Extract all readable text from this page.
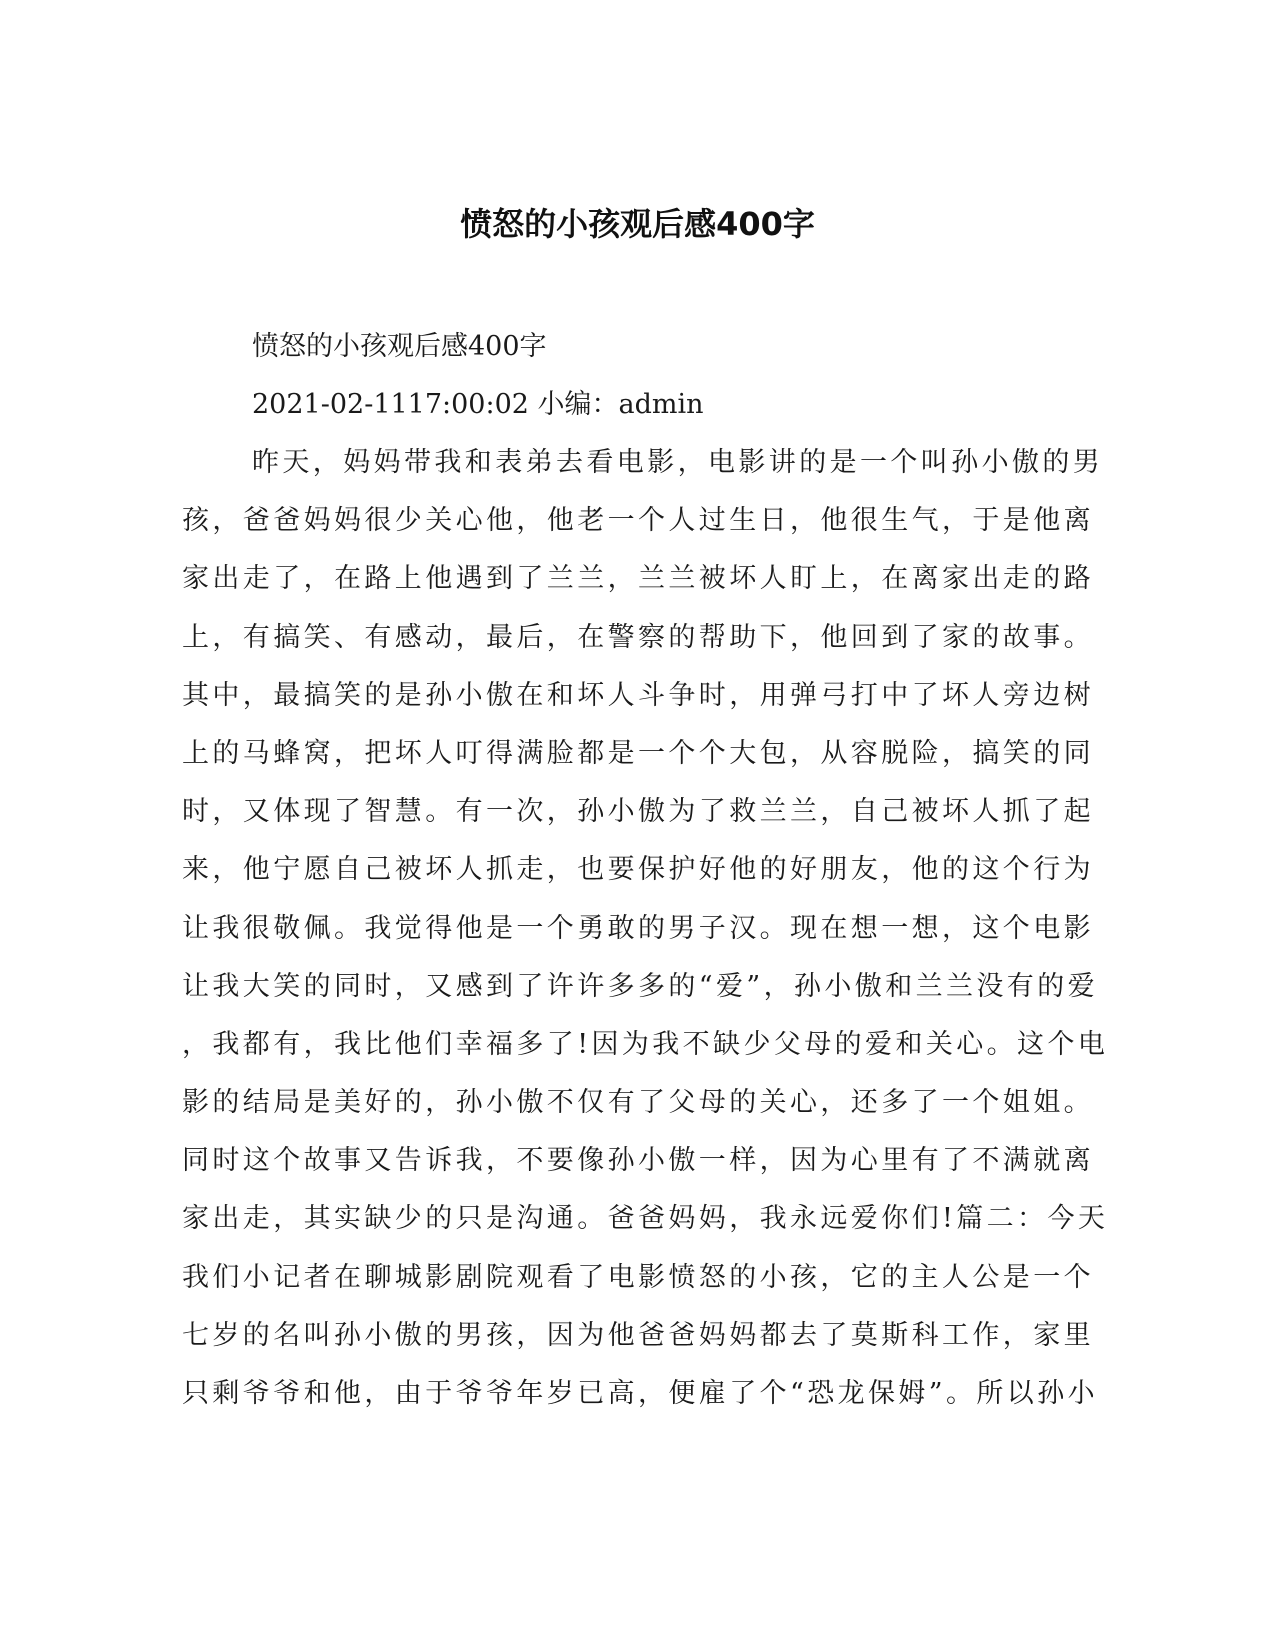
愤怒的小孩观后感400字
愤怒的小孩观后感400字
2021-02-1117:00:02 小编：admin
昨天，妈妈带我和表弟去看电影，电影讲的是一个叫孙小傲的男
孩，爸爸妈妈很少关心他，他老一个人过生日，他很生气，于是他离
家出走了，在路上他遇到了兰兰，兰兰被坏人盯上，在离家出走的路
上，有搞笑、有感动，最后，在警察的帮助下，他回到了家的故事。
其中，最搞笑的是孙小傲在和坏人斗争时，用弹弓打中了坏人旁边树
上的马蜂窝，把坏人叮得满脸都是一个个大包，从容脱险，搞笑的同
时，又体现了智慧。有一次，孙小傲为了救兰兰，自己被坏人抓了起
来，他宁愿自己被坏人抓走，也要保护好他的好朋友，他的这个行为
让我很敬佩。我觉得他是一个勇敢的男子汉。现在想一想，这个电影
让我大笑的同时，又感到了许许多多的“爱”，孙小傲和兰兰没有的爱
，我都有，我比他们幸福多了!因为我不缺少父母的爱和关心。这个电
影的结局是美好的，孙小傲不仅有了父母的关心，还多了一个姐姐。
同时这个故事又告诉我，不要像孙小傲一样，因为心里有了不满就离
家出走，其实缺少的只是沟通。爸爸妈妈，我永远爱你们!篇二：今天
我们小记者在聊城影剧院观看了电影愤怒的小孩，它的主人公是一个
七岁的名叫孙小傲的男孩，因为他爸爸妈妈都去了莫斯科工作，家里
只剩爷爷和他，由于爷爷年岁已高，便雇了个“恐龙保姆”。所以孙小
